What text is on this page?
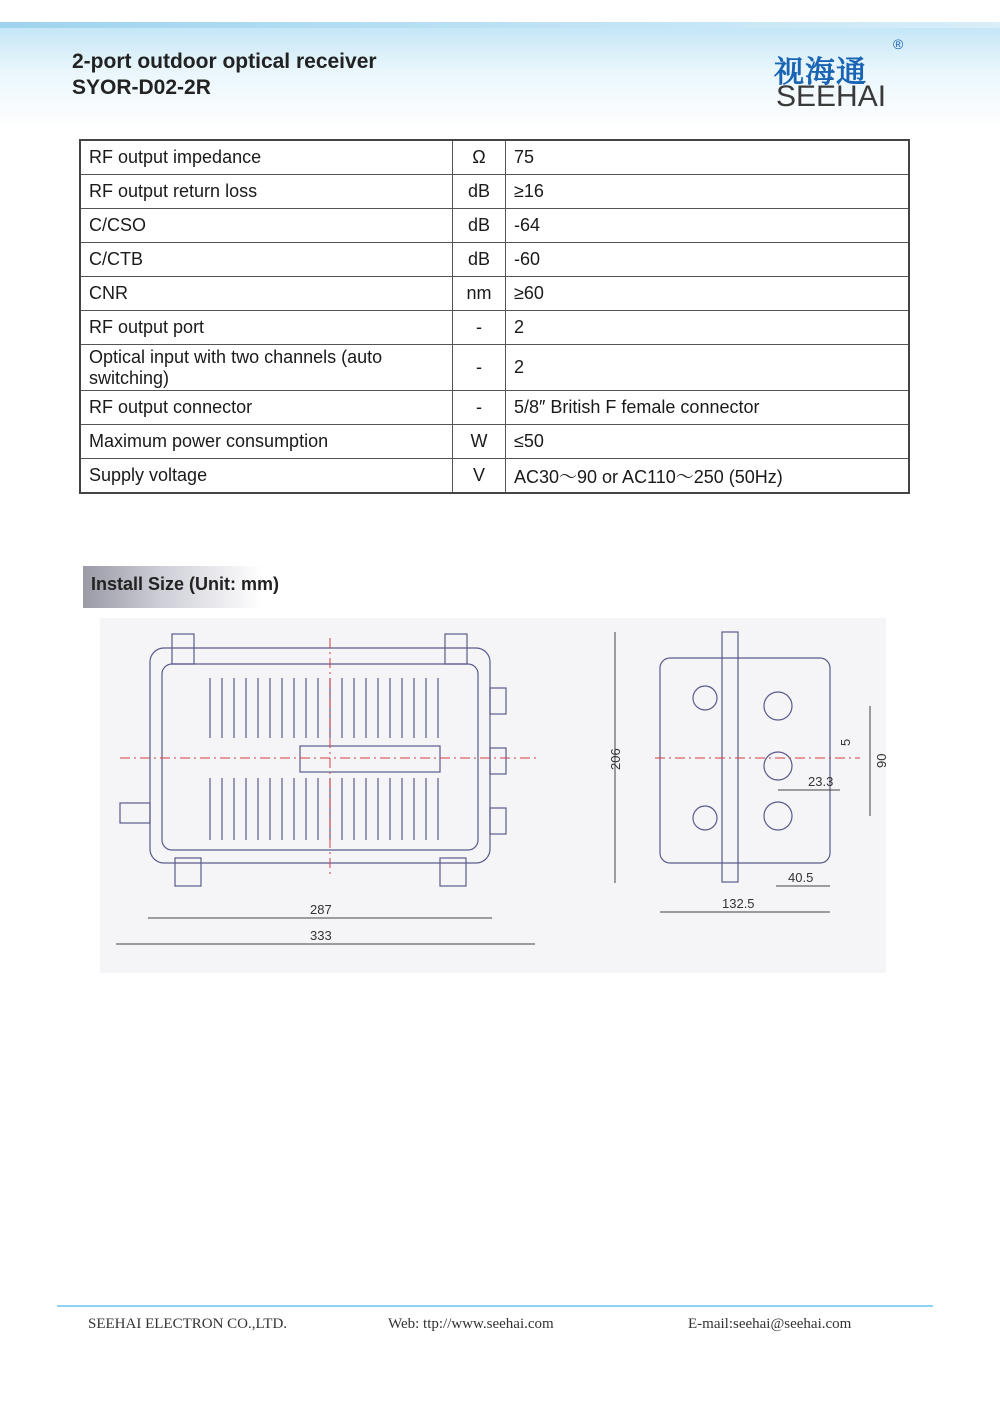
2-port outdoor optical receiver
SYOR-D02-2R	视海通
®
SEEHAI
RF output impedance	Ω	75
RF output return loss	dB	≥16
C/CSO	dB	-64
C/CTB	dB	-60
CNR	nm	≥60
RF output port	-	2
Optical input with two channels (auto switching)	-	2
RF output connector	-	5/8″ British F female connector
Maximum power consumption	W	≤50
Supply voltage	V	AC30～90 or AC110～250 (50Hz)
Install Size (Unit: mm)
287
333
206
132.5
40.5
90
23.3
5
SEEHAI ELECTRON CO.,LTD.	Web: ttp://www.seehai.com	E-mail:seehai@seehai.com
